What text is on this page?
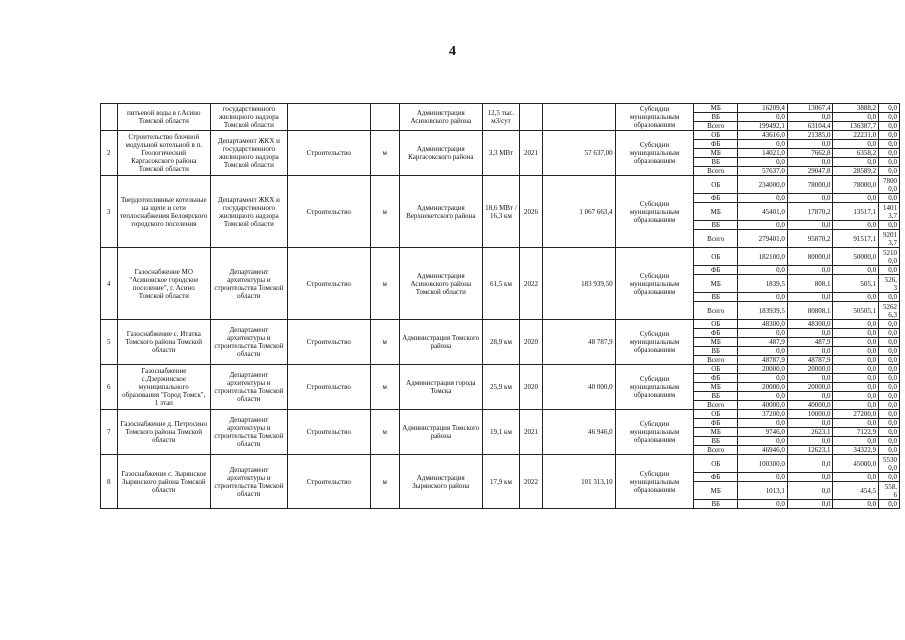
4
	питьевой воды в г.Асино Томской области	государственного жилищного надзора Томской области			Администрация Асиновского района	12,5 тыс. м3/сут			Субсидии муниципальным образованиям	МБ	16209,4	13067,4	3888,2	0,0
										ВБ	0,0	0,0	0,0	0,0
										Всего	199492,1	63104,4	136387,7	0,0
2	Строительство блочной модульной котельной в п. Геологический Каргасокского района Томской области	Департамент ЖКХ и государственного жилищного надзора Томской области	Строительство	м	Администрация Каргасокского района	3,3 МВт	2021	57 637,00	Субсидии муниципальным образованиям	ОБ	43616,0	21385,0	22231,0	0,0
										ФБ	0,0	0,0	0,0	0,0
										МБ	14021,0	7662,8	6358,2	0,0
										ВБ	0,0	0,0	0,0	0,0
										Всего	57637,0	29047,8	28589,2	0,0
3	Твердотопливные котельные на щепе и сети теплоснабжения Белоярского городского поселения	Департамент ЖКХ и государственного жилищного надзора Томской области	Строительство	м	Администрация Верхнекетского района	18,6 МВт / 16,3 км	2026	1 067 663,4	Субсидии муниципальным образованиям	ОБ	234000,0	78000,0	78000,0	7800 0,0
										ФБ	0,0	0,0	0,0	0,0
										МБ	45401,0	17870,2	13517,1	1401 3,7
										ВБ	0,0	0,0	0,0	0,0
										Всего	279401,0	95870,2	91517,1	9201 3,7
4	Газоснабжение МО "Асиновское городское поселение", г. Асино Томской области	Департамент архитектуры и строительства Томской области	Строительство	м	Администрация Асиновского района Томской области	61,5 км	2022	183 939,50	Субсидии муниципальным образованиям	ОБ	182100,0	80000,0	50000,0	5210 0,0
										ФБ	0,0	0,0	0,0	0,0
										МБ	1839,5	808,1	505,1	526, 3
										ВБ	0,0	0,0	0,0	0,0
										Всего	183939,5	80808,1	50505,1	5262 6,3
5	Газоснабжение с. Итатка Томского района Томской области	Департамент архитектуры и строительства Томской области	Строительство	м	Администрация Томского района	28,9 км	2020	48 787,9	Субсидии муниципальным образованиям	ОБ	48300,0	48300,0	0,0	0,0
										ФБ	0,0	0,0	0,0	0,0
										МБ	487,9	487,9	0,0	0,0
										ВБ	0,0	0,0	0,0	0,0
										Всего	48787,9	48787,9	0,0	0,0
6	Газоснабжение с.Дзержинское муниципального образования "Город Томск", 1 этап	Департамент архитектуры и строительства Томской области	Строительство	м	Администрация города Томска	25,9 км	2020	40 000,0	Субсидии муниципальным образованиям	ОБ	20000,0	20000,0	0,0	0,0
										ФБ	0,0	0,0	0,0	0,0
										МБ	20000,0	20000,0	0,0	0,0
										ВБ	0,0	0,0	0,0	0,0
										Всего	40000,0	40000,0	0,0	0,0
7	Газоснабжение д. Петросино Томского района Томской области	Департамент архитектуры и строительства Томской области	Строительство	м	Администрация Томского района	19,1 км	2021	46 946,0	Субсидии муниципальным образованиям	ОБ	37200,0	10000,0	27200,0	0,0
										ФБ	0,0	0,0	0,0	0,0
										МБ	9746,0	2623,1	7122,9	0,0
										ВБ	0,0	0,0	0,0	0,0
										Всего	46946,0	12623,1	34322,9	0,0
8	Газоснабжение с. Зырянское Зырянского района Томской области	Департамент архитектуры и строительства Томской области	Строительство	м	Администрация Зырянского района	17,9 км	2022	101 313,10	Субсидии муниципальным образованиям	ОБ	100300,0	0,0	45000,0	5530 0,0
										ФБ	0,0	0,0	0,0	0,0
										МБ	1013,1	0,0	454,5	558, 6
										ВБ	0,0	0,0	0,0	0,0
